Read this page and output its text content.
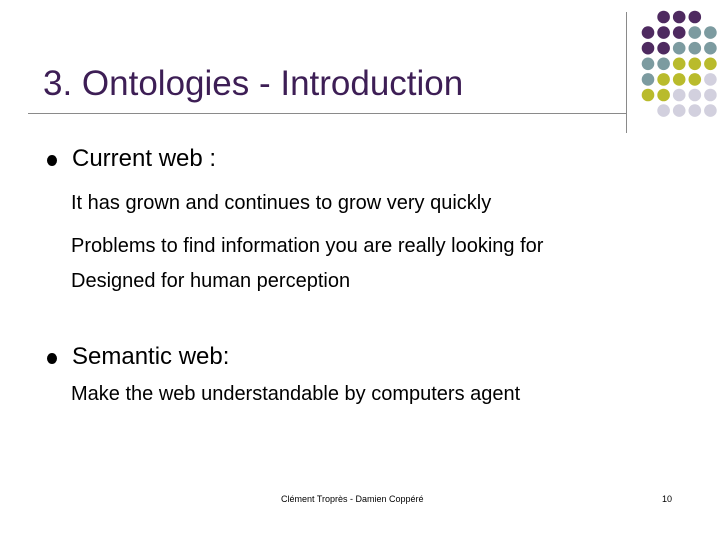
3. Ontologies - Introduction
Current web :
It has grown and continues to grow very quickly
Problems to find information you are really looking for
Designed for human perception
Semantic web:
Make the web understandable by computers agent
Clément Troprès - Damien Coppéré	10
